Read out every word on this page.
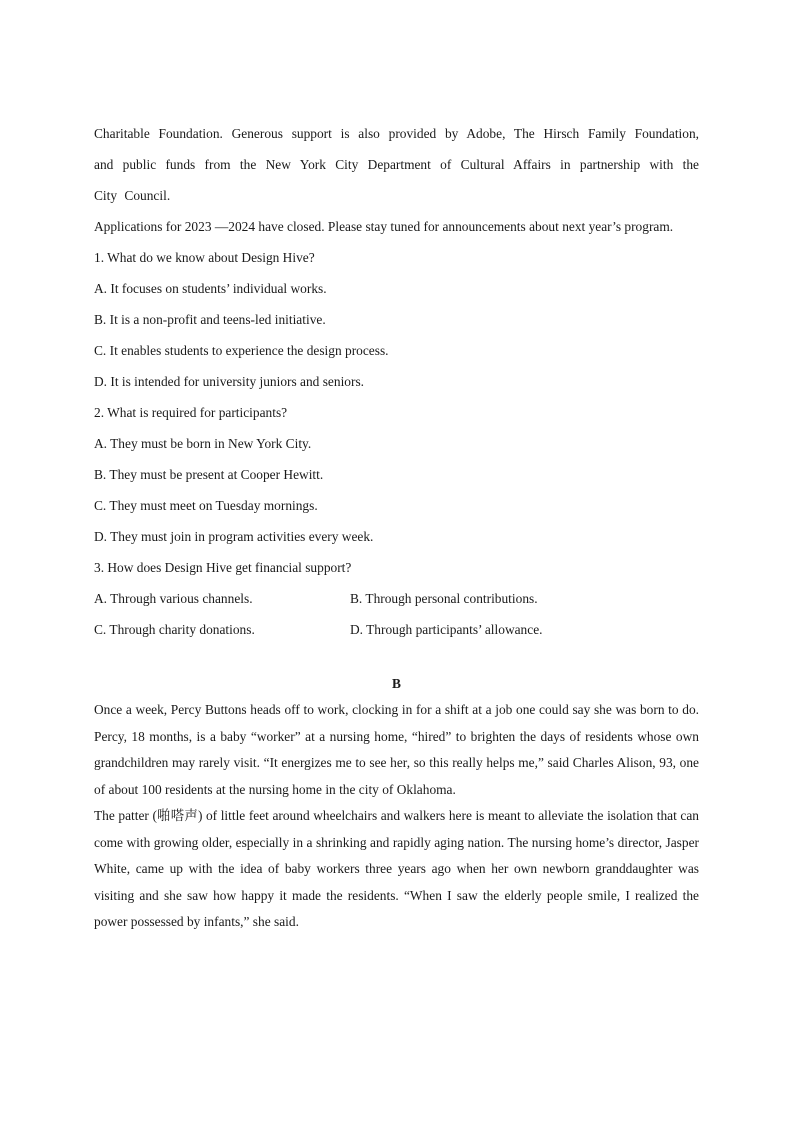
Charitable Foundation. Generous support is also provided by Adobe, The Hirsch Family Foundation, and public funds from the New York City Department of Cultural Affairs in partnership with the City Council.

Applications for 2023 —2024 have closed. Please stay tuned for announcements about next year’s program.

1. What do we know about Design Hive?
A. It focuses on students’ individual works.
B. It is a non-profit and teens-led initiative.
C. It enables students to experience the design process.
D. It is intended for university juniors and seniors.
2. What is required for participants?
A. They must be born in New York City.
B. They must be present at Cooper Hewitt.
C. They must meet on Tuesday mornings.
D. They must join in program activities every week.
3. How does Design Hive get financial support?
A. Through various channels.	B. Through personal contributions.
C. Through charity donations.	D. Through participants’ allowance.
B

Once a week, Percy Buttons heads off to work, clocking in for a shift at a job one could say she was born to do. Percy, 18 months, is a baby “worker” at a nursing home, “hired” to brighten the days of residents whose own grandchildren may rarely visit. “It energizes me to see her, so this really helps me,” said Charles Alison, 93, one of about 100 residents at the nursing home in the city of Oklahoma.

The patter (啪嗒声) of little feet around wheelchairs and walkers here is meant to alleviate the isolation that can come with growing older, especially in a shrinking and rapidly aging nation. The nursing home’s director, Jasper White, came up with the idea of baby workers three years ago when her own newborn granddaughter was visiting and she saw how happy it made the residents. “When I saw the elderly people smile, I realized the power possessed by infants,” she said.
